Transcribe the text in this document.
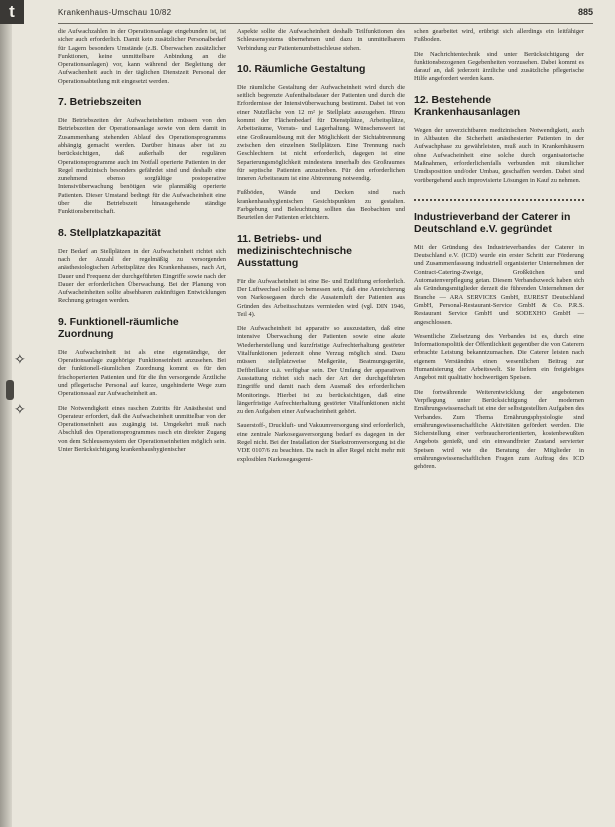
t
✧
✧
Krankenhaus-Umschau 10/82	885

die Aufwachzahlen in der Operationsanlage eingebunden ist, ist sicher auch erforderlich. Damit kein zusätzlicher Personalbedarf für Lagern besonders Umstände (z.B. Überwachen zusätzlicher Funktionen, keine unmittelbare Anbindung an die Operationsanlagen) vor, kann während der Begleitung der Aufwachenheit auch in der täglichen Dienstzeit Personal der Operationsabteilung mit eingesetzt werden.

7. Betriebszeiten

Die Betriebszeiten der Aufwacheinheiten müssen von den Betriebszeiten der Operationsanlage sowie von dem damit in Zusammenhang stehenden Ablauf des Operationsprogramms abhängig gemacht werden. Darüber hinaus aber ist zu berücksichtigen, daß außerhalb der regulären Operationsprogramme auch im Notfall operierte Patienten in der Regel medizinisch besonders gefährdet sind und deshalb eine zunehmend ebenso sorgfältige postoperative Intensivüberwachung benötigen wie planmäßig operierte Patienten. Dieser Umstand bedingt für die Aufwacheinheit eine über die Betriebszeit hinausgehende ständige Funktionsbereitschaft.

8. Stellplatzkapazität

Der Bedarf an Stellplätzen in der Aufwacheinheit richtet sich nach der Anzahl der regelmäßig zu versorgenden anästhesiologischen Arbeitsplätze des Krankenhauses, nach Art, Dauer und Frequenz der durchgeführten Eingriffe sowie nach der Dauer der erforderlichen Überwachung. Bei der Planung von Aufwacheinheiten sollte absehbaren zukünftigen Entwicklungen Rechnung getragen werden.

9. Funktionell-räumliche Zuordnung

Die Aufwacheinheit ist als eine eigenständige, der Operationsanlage zugehörige Funktionseinheit anzusehen. Bei der funktionell-räumlichen Zuordnung kommt es für den frischoperierten Patienten und für die ihn versorgende Ärztliche und pflegerische Personal auf kurze, ungehinderte Wege zum Operationssaal zur Aufwacheinheit an.

Die Notwendigkeit eines raschen Zutritts für Anästhesist und Operateur erfordert, daß die Aufwacheinheit unmittelbar von der Operationseinheit aus zugängig ist. Umgekehrt muß nach Abschluß des Operationsprogrammes rasch ein direkter Zugang von dem Schleusensystem der Operationseinheiten möglich sein. Unter Berücksichtigung krankenhaushygienischer

Aspekte sollte die Aufwacheinheit deshalb Teilfunktionen des Schleusensystems übernehmen und dazu in unmittelbarem Verbindung zur Patientenumbettschleuse stehen.

10. Räumliche Gestaltung

Die räumliche Gestaltung der Aufwacheinheit wird durch die seitlich begrenzte Aufenthaltsdauer der Patienten und durch die Erfordernisse der Intensivüberwachung bestimmt. Dabei ist von einer Nutzfläche von 12 m² je Stellplatz auszugehen. Hinzu kommt der Flächenbedarf für Dienstplätze, Arbeitsplätze, Arbeitsräume, Vorrats- und Lagerhaltung. Wünschenswert ist eine Großraumlösung mit der Möglichkeit der Sichtabtrennung zwischen den einzelnen Stellplätzen. Eine Trennung nach Geschlechtern ist nicht erforderlich, dagegen ist eine Separierungsmöglichkeit mindestens innerhalb des Großraumes für septische Patienten anzustreben. Für den erforderlichen inneren Arbeitsraum ist eine Abtrennung notwendig.

Fußböden, Wände und Decken sind nach krankenhaushygienischen Gesichtspunkten zu gestalten. Farbgebung und Beleuchtung sollten das Beobachten und Beurteilen der Patienten erleichtern.

11. Betriebs- und medizinischtechnische Ausstattung

Für die Aufwacheinheit ist eine Be- und Entlüftung erforderlich. Der Luftwechsel sollte so bemessen sein, daß eine Anreicherung von Narkosegasen durch die Ausatemluft der Patienten aus Gründen des Arbeitsschutzes vermieden wird (vgl. DIN 1946, Teil 4).

Die Aufwacheinheit ist apparativ so auszustatten, daß eine intensive Überwachung der Patienten sowie eine akute Wiederherstellung und kurzfristige Aufrechterhaltung gestörter Vitalfunktionen jederzeit ohne Verzug möglich sind. Dazu müssen stellplatzweise Meßgeräte, Beatmungsgeräte, Defibrillator u.ä. verfügbar sein. Der Umfang der apparativen Ausstattung richtet sich nach der Art der durchgeführten Eingriffe und damit nach dem Ausmaß des erforderlichen Monitorings. Hierbei ist zu berücksichtigen, daß eine längerfristige Aufrechterhaltung gestörter Vitalfunktionen nicht zu den Aufgaben einer Aufwacheinheit gehört.

Sauerstoff-, Druckluft- und Vakuumversorgung sind erforderlich, eine zentrale Narkosegasversorgung bedarf es dagegen in der Regel nicht. Bei der Installation der Starkstromversorgung ist die VDE 0107/6 zu beachten. Da nach in aller Regel nicht mehr mit explosiblen Narkosegasgemi-

schen gearbeitet wird, erübrigt sich allerdings ein leitfähiger Fußboden.

Die Nachrichtentechnik sind unter Berücksichtigung der funktionsbezogenen Gegebenheiten vorzusehen. Dabei kommt es darauf an, daß jederzeit ärztliche und zusätzliche pflegerische Hilfe angefordert werden kann.

12. Bestehende Krankenhausanlagen

Wegen der unverzichtbaren medizinischen Notwendigkeit, auch in Altbauten die Sicherheit anästhesierter Patienten in der Aufwachphase zu gewährleisten, muß auch in Krankenhäusern ohne Aufwacheinheit eine solche durch organisatorische Maßnahmen, erforderlichenfalls verbunden mit räumlicher Umdisposition und/oder Umbau, geschaffen werden. Dabei sind vorübergehend auch improvisierte Lösungen in Kauf zu nehmen.

Industrieverband der Caterer in Deutschland e.V. gegründet

Mit der Gründung des Industrieverbandes der Caterer in Deutschland e.V. (ICD) wurde ein erster Schritt zur Förderung und Zusammenfassung industriell organisierter Unternehmen der Contract-Catering-Zweige, Großküchen und Automatenverpflegung getan. Diesem Verbandszweck haben sich als Gründungsmitglieder derzeit die führenden Unternehmen der Branche — ARA SERVICES GmbH, EUREST Deutschland GmbH, Personal-Restaurant-Service GmbH & Co. P.R.S. Restaurant Service GmbH und SODEXHO GmbH — angeschlossen.

Wesentliche Zielsetzung des Verbandes ist es, durch eine Informationspolitik der Öffentlichkeit gegenüber die von Caterern erbrachte Leistung bekanntzumachen. Die Caterer leisten nach eigenem Verständnis einen wesentlichen Beitrag zur Humanisierung der Arbeitswelt. Sie liefern ein freigiebiges Angebot mit qualitativ hochwertigen Speisen.

Die fortwährende Weiterentwicklung der angebotenen Verpflegung unter Berücksichtigung der modernen Ernährungswissenschaft ist eine der selbstgestellten Aufgaben des Verbandes. Zum Thema Ernährungsphysiologie sind ernährungswissenschaftliche Aktivitäten gefördert werden. Die Sicherstellung einer verbraucherorientierten, kostenbewußten Angebots genießt, und ein einwandfreier Zustand servierter Speisen wird wie die Beratung der Mitglieder in ernährungswissenschaftlichen Fragen zum Auftrag des ICD gehören.
